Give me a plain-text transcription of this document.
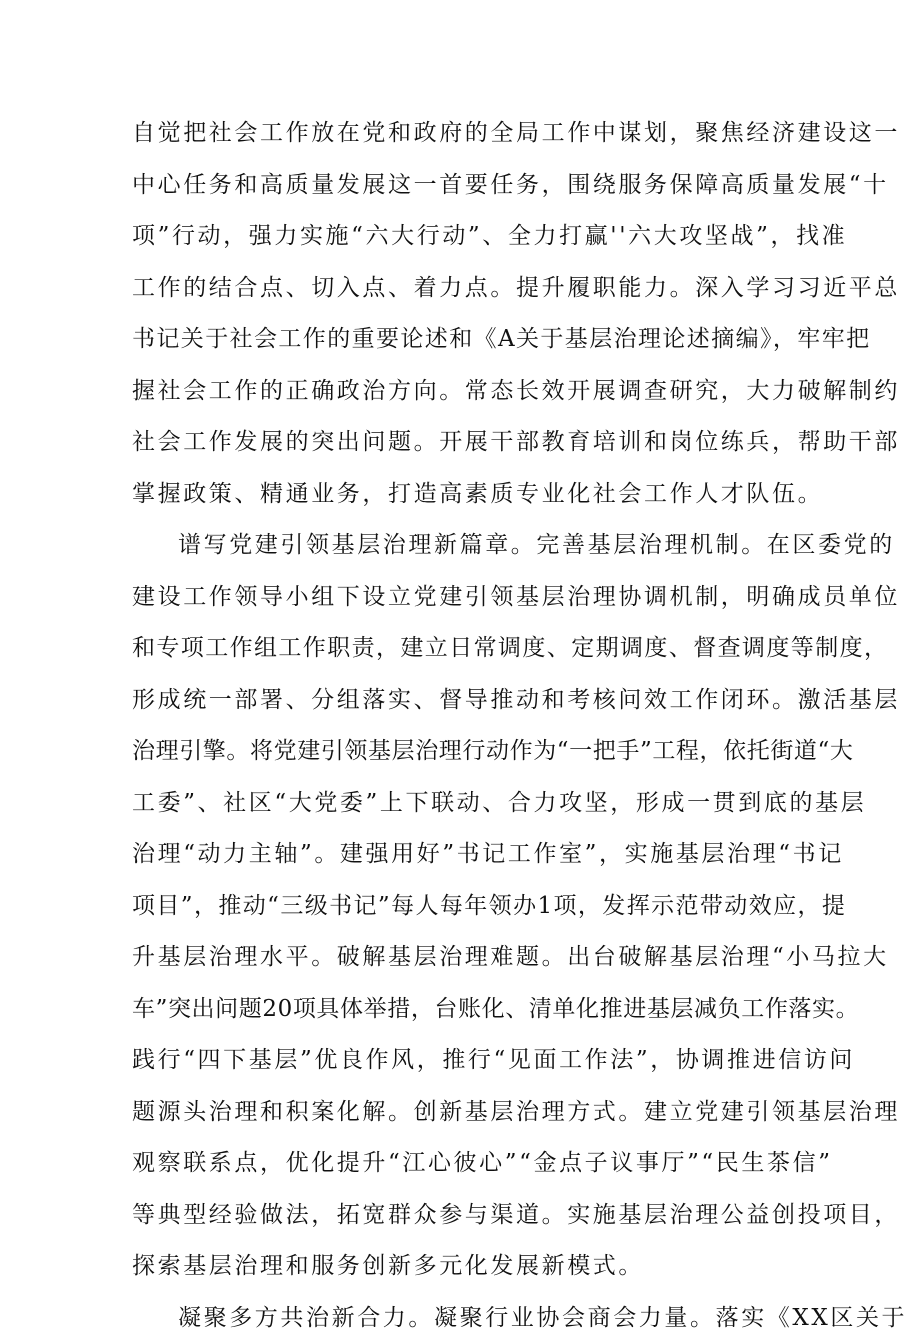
自觉把社会工作放在党和政府的全局工作中谋划，聚焦经济建设这一
中心任务和高质量发展这一首要任务，围绕服务保障高质量发展“十
项”行动，强力实施“六大行动”、全力打赢''六大攻坚战”，找准
工作的结合点、切入点、着力点。提升履职能力。深入学习习近平总
书记关于社会工作的重要论述和《A关于基层治理论述摘编》，牢牢把
握社会工作的正确政治方向。常态长效开展调查研究，大力破解制约
社会工作发展的突出问题。开展干部教育培训和岗位练兵，帮助干部
掌握政策、精通业务，打造高素质专业化社会工作人才队伍。
谱写党建引领基层治理新篇章。完善基层治理机制。在区委党的
建设工作领导小组下设立党建引领基层治理协调机制，明确成员单位
和专项工作组工作职责，建立日常调度、定期调度、督查调度等制度，
形成统一部署、分组落实、督导推动和考核问效工作闭环。激活基层
治理引擎。将党建引领基层治理行动作为“一把手”工程，依托街道“大
工委”、社区“大党委”上下联动、合力攻坚，形成一贯到底的基层
治理“动力主轴”。建强用好”书记工作室”，实施基层治理“书记
项目”，推动“三级书记”每人每年领办1项，发挥示范带动效应，提
升基层治理水平。破解基层治理难题。出台破解基层治理“小马拉大
车”突出问题20项具体举措，台账化、清单化推进基层减负工作落实。
践行“四下基层”优良作风，推行“见面工作法”，协调推进信访问
题源头治理和积案化解。创新基层治理方式。建立党建引领基层治理
观察联系点，优化提升“江心彼心”“金点子议事厅”“民生茶信”
等典型经验做法，拓宽群众参与渠道。实施基层治理公益创投项目，
探索基层治理和服务创新多元化发展新模式。
凝聚多方共治新合力。凝聚行业协会商会力量。落实《XX区关于
